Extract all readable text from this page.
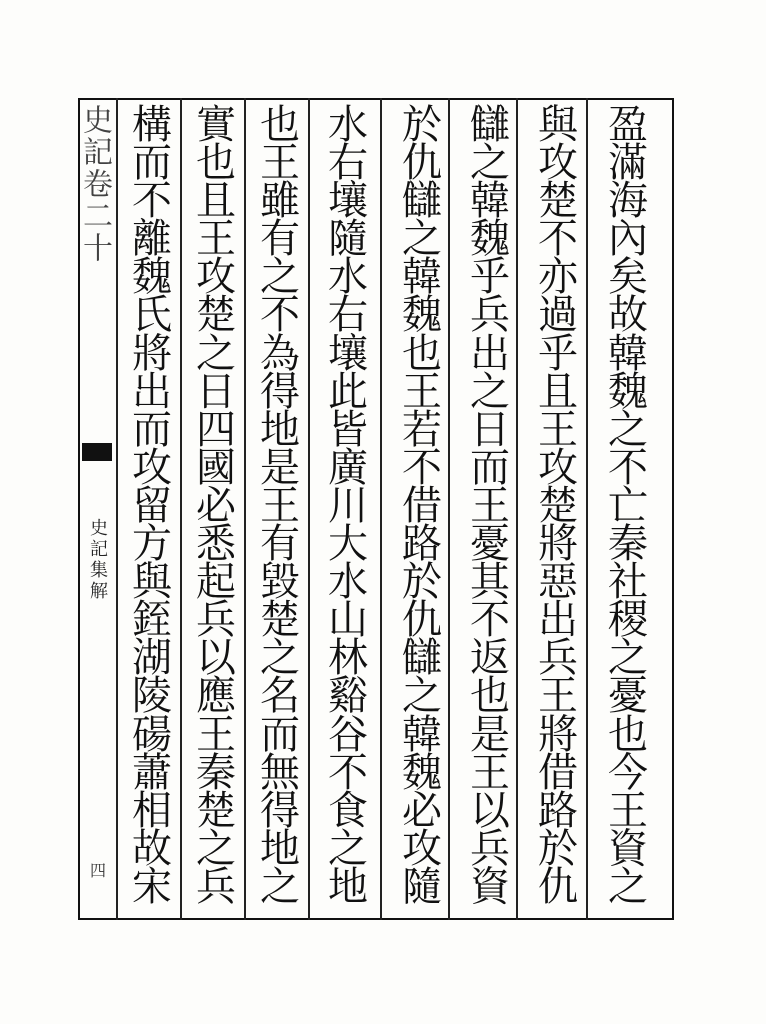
史記卷二十
史記集解
四
盈
滿
海
內
矣
故
韓
魏
之
不
亡
秦
社
稷
之
憂
也
今
王
資
之
與
攻
楚
不
亦
過
乎
且
王
攻
楚
將
惡
出
兵
王
將
借
路
於
仇
讎
之
韓
魏
乎
兵
出
之
日
而
王
憂
其
不
返
也
是
王
以
兵
資
於
仇
讎
之
韓
魏
也
王
若
不
借
路
於
仇
讎
之
韓
魏
必
攻
隨
水
右
壤
隨
水
右
壤
此
皆
廣
川
大
水
山
林
谿
谷
不
食
之
地
也
王
雖
有
之
不
為
得
地
是
王
有
毀
楚
之
名
而
無
得
地
之
實
也
且
王
攻
楚
之
日
四
國
必
悉
起
兵
以
應
王
秦
楚
之
兵
構
而
不
離
魏
氏
將
出
而
攻
留
方
與
銍
湖
陵
碭
蕭
相
故
宋
